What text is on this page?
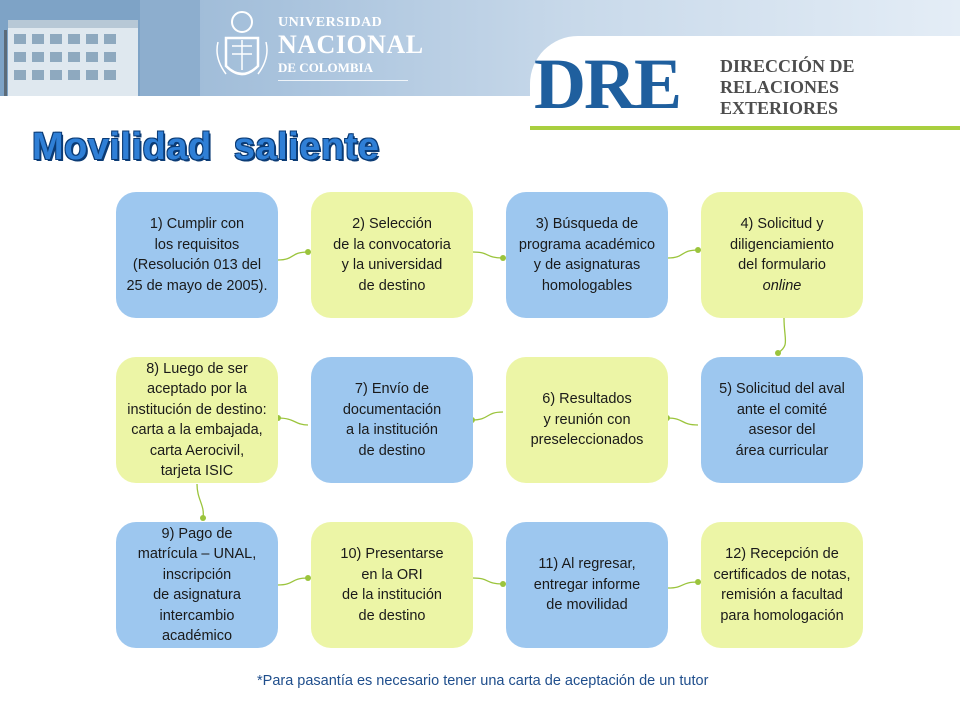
UNIVERSIDAD
NACIONAL
DE COLOMBIA	DRE DIRECCIÓN DE
RELACIONES
EXTERIORES
Movilidad  saliente
1) Cumplir con
los requisitos
(Resolución 013 del
25 de mayo de 2005).
2) Selección
de la convocatoria
y la universidad
de destino
3) Búsqueda de
programa académico
y de asignaturas
homologables
4) Solicitud y
diligenciamiento
del formulario
online
8) Luego de ser
aceptado por la
institución de destino:
carta a la embajada,
carta Aerocivil,
tarjeta ISIC
7) Envío de
documentación
a la institución
de destino
6) Resultados
y reunión con
preseleccionados
5) Solicitud del aval
ante el comité
asesor del
área curricular
9) Pago de
matrícula – UNAL,
inscripción
de asignatura
intercambio
académico
10) Presentarse
en la ORI
de la institución
de destino
11) Al regresar,
entregar informe
de movilidad
12) Recepción de
certificados de notas,
remisión a facultad
para homologación
*Para pasantía es necesario tener una carta de aceptación de un tutor
